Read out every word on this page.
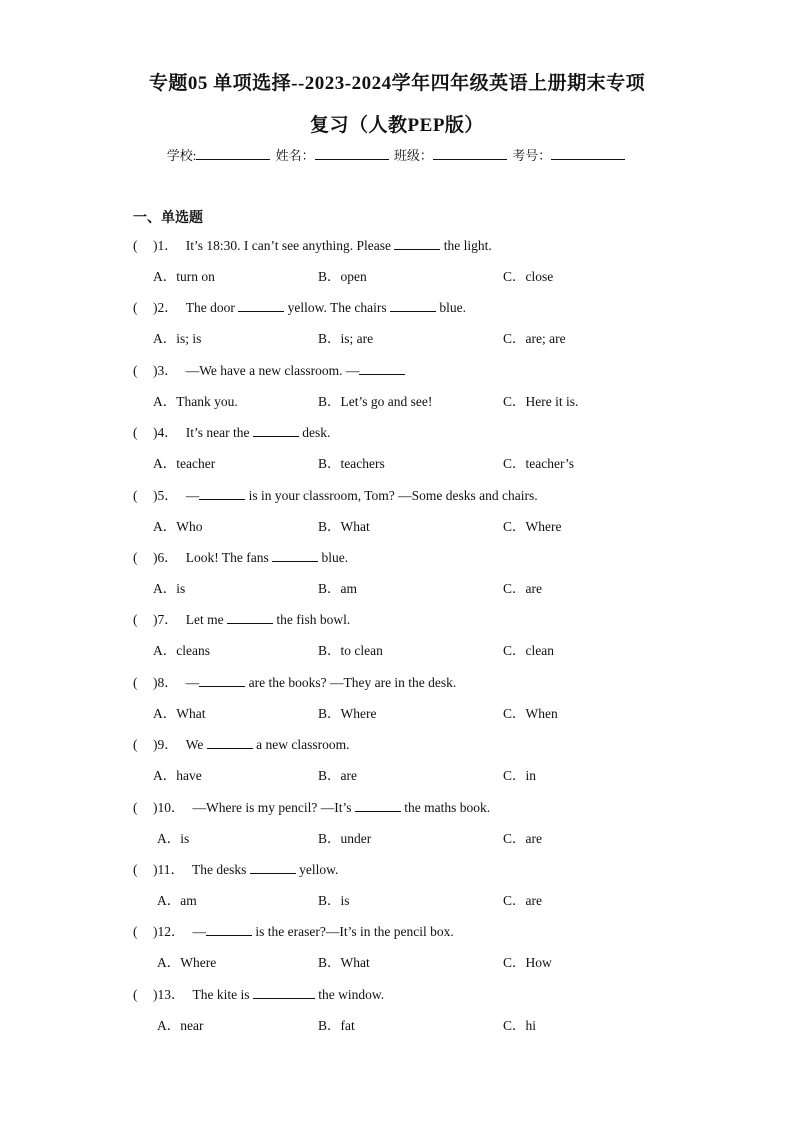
专题05 单项选择--2023-2024学年四年级英语上册期末专项
复习（人教PEP版）
学校:	姓名：	班级：	考号：
一、单选题
( )1． It’s 18:30. I can’t see anything. Please	the light.
A．turn on	B．open	C．close
( )2． The door	yellow. The chairs	blue.
A．is; is	B．is; are	C．are; are
( )3． —We have a new classroom. —
A．Thank you.	B．Let’s go and see!	C．Here it is.
( )4． It’s near the	desk.
A．teacher	B．teachers	C．teacher’s
( )5． —	is in your classroom, Tom? —Some desks and chairs.
A．Who	B．What	C．Where
( )6． Look! The fans	blue.
A．is	B．am	C．are
( )7． Let me	the fish bowl.
A．cleans	B．to clean	C．clean
( )8． —	are the books? —They are in the desk.
A．What	B．Where	C．When
( )9． We	a new classroom.
A．have	B．are	C．in
( )10． —Where is my pencil? —It’s	the maths book.
A．is	B．under	C．are
( )11． The desks	yellow.
A．am	B．is	C．are
( )12． —	is the eraser?—It’s in the pencil box.
A．Where	B．What	C．How
( )13． The kite is	the window.
A．near	B．fat	C．hi
